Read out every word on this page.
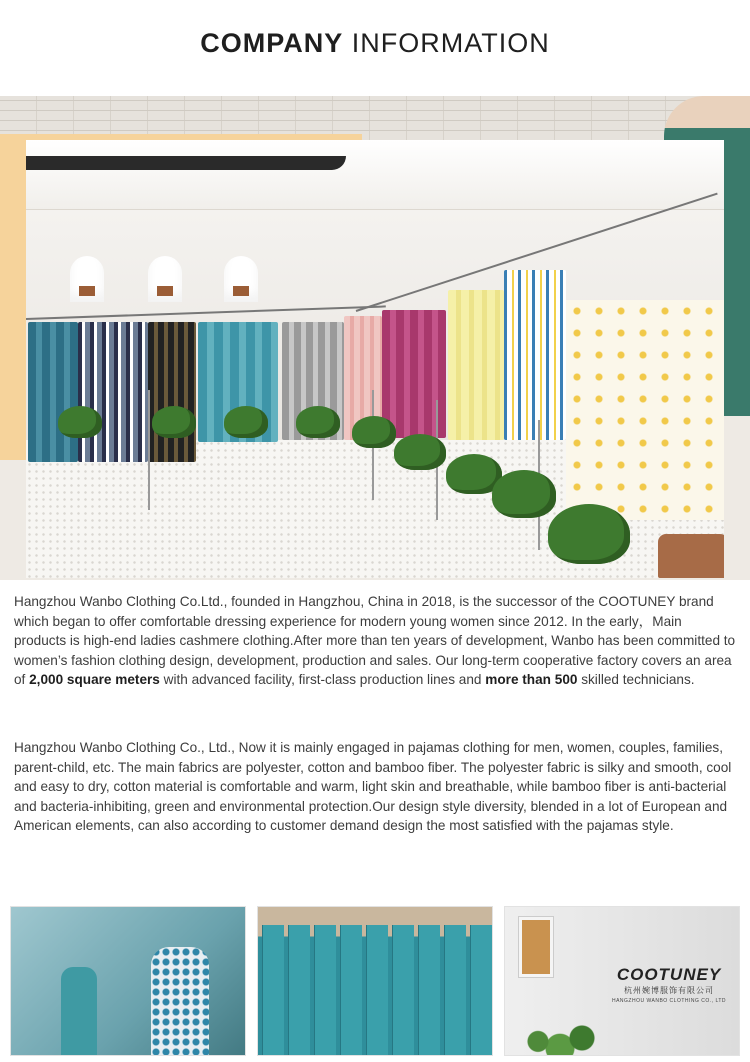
COMPANY INFORMATION

Hangzhou Wanbo Clothing Co.Ltd., founded in Hangzhou, China in 2018, is the successor of the COOTUNEY brand which began to offer comfortable dressing experience for modern young women since 2012. In the early，Main products is high-end ladies cashmere clothing.After more than ten years of development, Wanbo has been committed to women’s fashion clothing design, development, production and sales. Our long-term cooperative factory covers an area of 2,000 square meters with advanced facility, first-class production lines and more than 500 skilled technicians.

Hangzhou Wanbo Clothing Co., Ltd., Now it is mainly engaged in pajamas clothing for men, women, couples, families, parent-child, etc. The main fabrics are polyester, cotton and bamboo fiber. The polyester fabric is silky and smooth, cool and easy to dry, cotton material is comfortable and warm, light skin and breathable, while bamboo fiber is anti-bacterial and bacteria-inhibiting, green and environmental protection.Our design style diversity, blended in a lot of European and American elements, can also according to customer demand design the most satisfied with the pajamas style.

COOTUNEY
杭州婉博服饰有限公司
HANGZHOU WANBO CLOTHING CO., LTD
